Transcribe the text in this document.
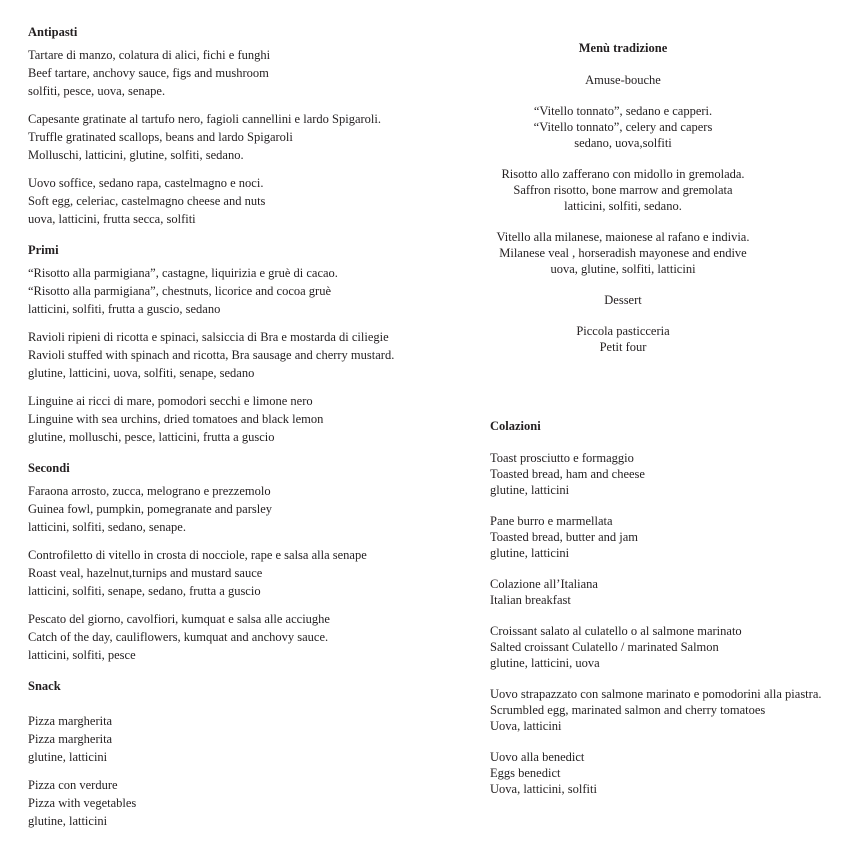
Antipasti
Tartare di manzo, colatura di alici, fichi e funghi
Beef tartare, anchovy sauce, figs and mushroom
solfiti, pesce, uova, senape.
Capesante gratinate al tartufo nero, fagioli cannellini e lardo Spigaroli.
Truffle gratinated scallops, beans and lardo Spigaroli
Molluschi, latticini, glutine, solfiti, sedano.
Uovo soffice, sedano rapa, castelmagno e noci.
Soft egg, celeriac, castelmagno cheese and nuts
uova, latticini, frutta secca, solfiti
Primi
“Risotto alla parmigiana”, castagne, liquirizia e gruè di cacao.
“Risotto alla parmigiana”, chestnuts, licorice and cocoa gruè
latticini, solfiti, frutta a guscio, sedano
Ravioli ripieni di ricotta e spinaci, salsiccia di Bra e mostarda di ciliegie
Ravioli stuffed with spinach and ricotta, Bra sausage and cherry mustard.
glutine, latticini, uova, solfiti, senape, sedano
Linguine ai ricci di mare, pomodori secchi e limone nero
Linguine with sea urchins, dried tomatoes and black lemon
glutine, molluschi, pesce, latticini, frutta a guscio
Secondi
Faraona arrosto, zucca, melograno e prezzemolo
Guinea fowl, pumpkin, pomegranate and parsley
latticini, solfiti, sedano, senape.
Controfiletto di vitello in crosta di nocciole, rape e salsa alla senape
Roast veal, hazelnut,turnips and mustard sauce
latticini, solfiti, senape, sedano, frutta a guscio
Pescato del giorno, cavolfiori, kumquat e salsa alle acciughe
Catch of the day, cauliflowers, kumquat and anchovy sauce.
latticini, solfiti, pesce
Snack
Pizza margherita
Pizza margherita
glutine, latticini
Pizza con verdure
Pizza with vegetables
glutine, latticini
Menù tradizione
Amuse-bouche
“Vitello tonnato”, sedano e capperi.
“Vitello tonnato”, celery and capers
sedano, uova,solfiti
Risotto allo zafferano con midollo in gremolada.
Saffron risotto, bone marrow and gremolata
latticini, solfiti, sedano.
Vitello alla milanese, maionese al rafano e indivia.
Milanese veal , horseradish mayonese and endive
uova, glutine, solfiti, latticini
Dessert
Piccola pasticceria
Petit four
Colazioni
Toast prosciutto e formaggio
Toasted bread, ham and cheese
glutine, latticini
Pane burro e marmellata
Toasted bread, butter and jam
glutine, latticini
Colazione all’Italiana
Italian breakfast
Croissant salato al culatello o al salmone marinato
Salted croissant Culatello / marinated Salmon
glutine, latticini, uova
Uovo strapazzato con salmone marinato e pomodorini alla piastra.
Scrumbled egg, marinated salmon and cherry tomatoes
Uova, latticini
Uovo alla benedict
Eggs benedict
Uova, latticini, solfiti
